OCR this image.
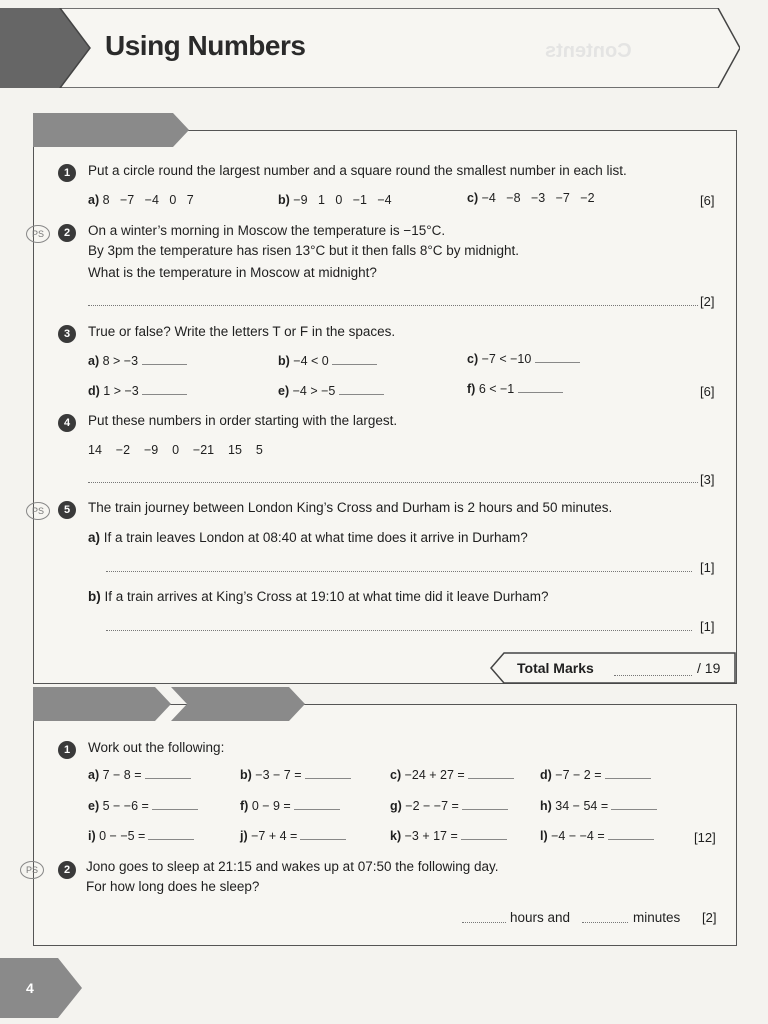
Using Numbers	Contents
1	Put a circle round the largest number and a square round the smallest number in each list.
a) 8   −7   −4   0   7	b) −9   1   0   −1   −4	c) −4   −8   −3   −7   −2	[6]
PS	2	On a winter’s morning in Moscow the temperature is −15°C.
By 3pm the temperature has risen 13°C but it then falls 8°C by midnight.
What is the temperature in Moscow at midnight?
[2]
3	True or false? Write the letters T or F in the spaces.
a) 8 > −3	b) −4 < 0	c) −7 < −10
d) 1 > −3	e) −4 > −5	f) 6 < −1	[6]
4	Put these numbers in order starting with the largest.
14    −2    −9    0    −21    15    5
[3]
PS	5	The train journey between London King’s Cross and Durham is 2 hours and 50 minutes.
a) If a train leaves London at 08:40 at what time does it arrive in Durham?
[1]
b) If a train arrives at King’s Cross at 19:10 at what time did it leave Durham?
[1]
Total Marks	/ 19
1	Work out the following:
a) 7 − 8 =	b) −3 − 7 =	c) −24 + 27 =	d) −7 − 2 =
e) 5 − −6 =	f) 0 − 9 =	g) −2 − −7 =	h) 34 − 54 =
i) 0 − −5 =	j) −7 + 4 =	k) −3 + 17 =	l) −4 − −4 =	[12]
PS	2	Jono goes to sleep at 21:15 and wakes up at 07:50 the following day.
For how long does he sleep?
hours and	minutes [2]
4
